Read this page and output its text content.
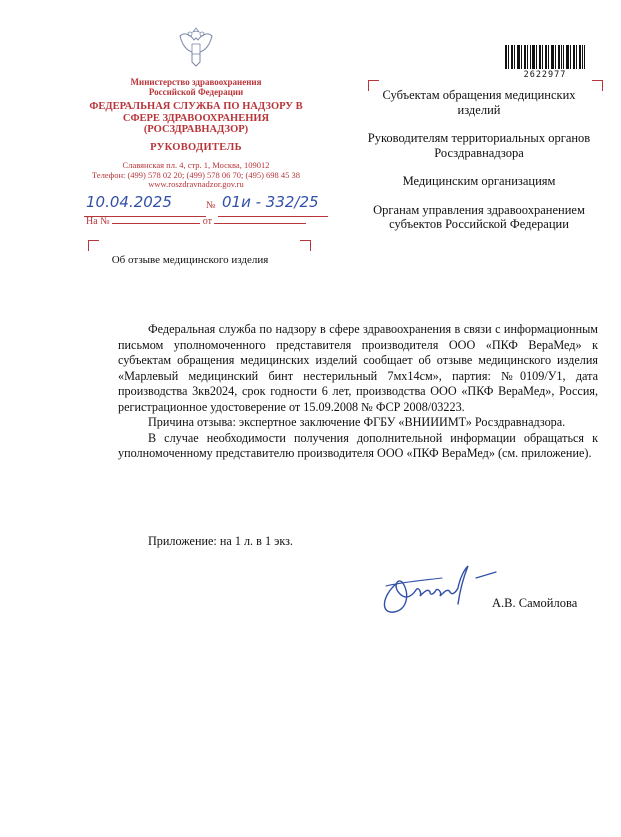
Министерство здравоохранения Российской Федерации
ФЕДЕРАЛЬНАЯ СЛУЖБА ПО НАДЗОРУ В СФЕРЕ ЗДРАВООХРАНЕНИЯ (РОСЗДРАВНАДЗОР)
РУКОВОДИТЕЛЬ
Славянская пл. 4, стр. 1, Москва, 109012
Телефон: (499) 578 02 20; (499) 578 06 70; (495) 698 45 38
www.roszdravnadzor.gov.ru
10.04.2025	№ 01и - 332/25
На №	от
Об отзыве медицинского изделия

Субъектам обращения медицинских изделий

Руководителям территориальных органов Росздравнадзора

Медицинским организациям

Органам управления здравоохранением субъектов Российской Федерации

2622977

Федеральная служба по надзору в сфере здравоохранения в связи с информационным письмом уполномоченного представителя производителя ООО «ПКФ ВераМед» к субъектам обращения медицинских изделий сообщает об отзыве медицинского изделия «Марлевый медицинский бинт нестерильный 7мх14см», партия: №0109/У1, дата производства 3кв2024, срок годности 6 лет, производства ООО «ПКФ ВераМед», Россия, регистрационное удостоверение от 15.09.2008 № ФСР 2008/03223.

Причина отзыва: экспертное заключение ФГБУ «ВНИИИМТ» Росздравнадзора.

В случае необходимости получения дополнительной информации обращаться к уполномоченному представителю производителя ООО «ПКФ ВераМед» (см. приложение).

Приложение: на 1 л. в 1 экз.
А.В. Самойлова
